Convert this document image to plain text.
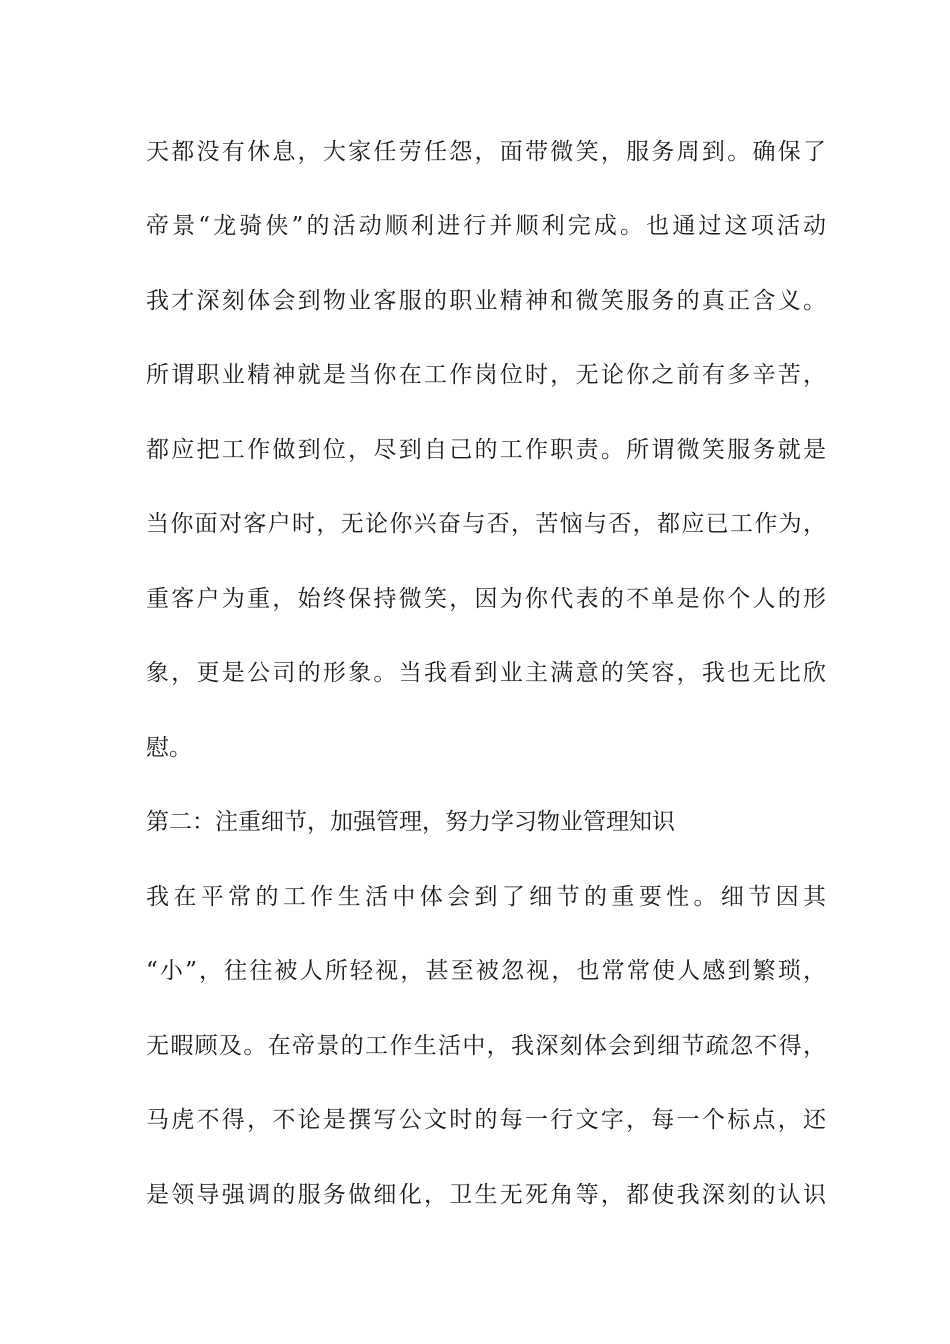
天都没有休息，大家任劳任怨，面带微笑，服务周到。确保了
帝景“龙骑侠”的活动顺利进行并顺利完成。也通过这项活动
我才深刻体会到物业客服的职业精神和微笑服务的真正含义。
所谓职业精神就是当你在工作岗位时，无论你之前有多辛苦，
都应把工作做到位，尽到自己的工作职责。所谓微笑服务就是
当你面对客户时，无论你兴奋与否，苦恼与否，都应已工作为，
重客户为重，始终保持微笑，因为你代表的不单是你个人的形
象，更是公司的形象。当我看到业主满意的笑容，我也无比欣
慰。
第二：注重细节，加强管理，努力学习物业管理知识
我在平常的工作生活中体会到了细节的重要性。细节因其
“小”，往往被人所轻视，甚至被忽视，也常常使人感到繁琐，
无暇顾及。在帝景的工作生活中，我深刻体会到细节疏忽不得，
马虎不得，不论是撰写公文时的每一行文字，每一个标点，还
是领导强调的服务做细化，卫生无死角等，都使我深刻的认识
